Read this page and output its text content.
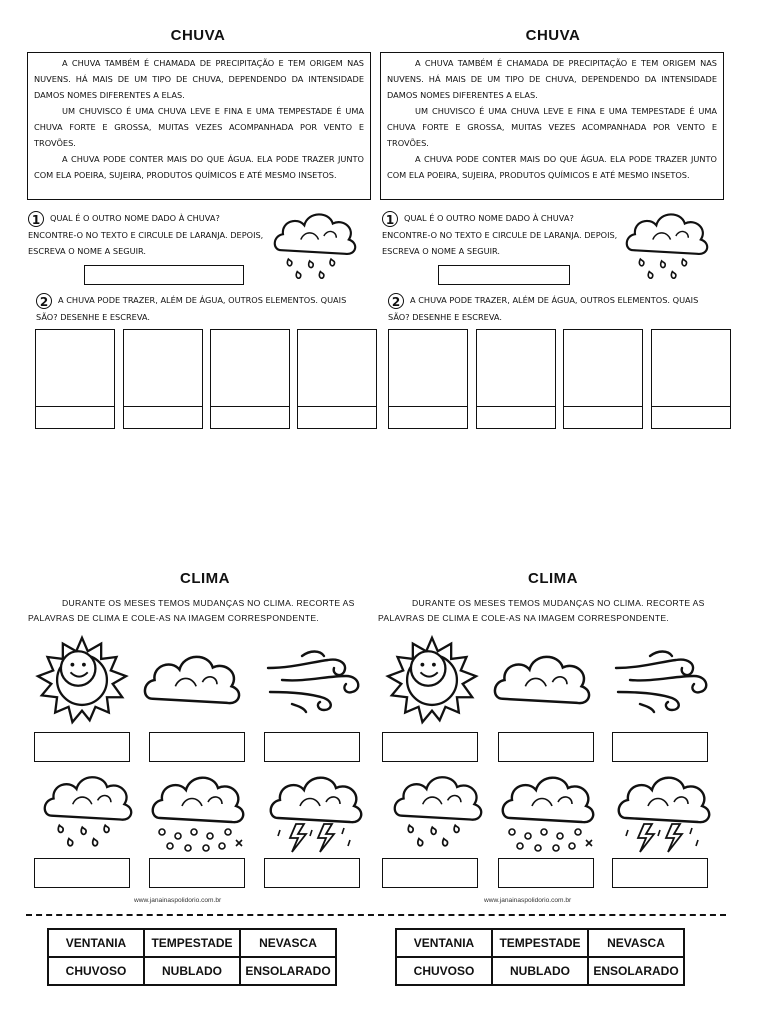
CHUVA

A CHUVA TAMBÉM É CHAMADA DE PRECIPITAÇÃO E TEM ORIGEM NAS NUVENS. HÁ MAIS DE UM TIPO DE CHUVA, DEPENDENDO DA INTENSIDADE DAMOS NOMES DIFERENTES A ELAS.

UM CHUVISCO É UMA CHUVA LEVE E FINA E UMA TEMPESTADE É UMA CHUVA FORTE E GROSSA, MUITAS VEZES ACOMPANHADA POR VENTO E TROVÕES.

A CHUVA PODE CONTER MAIS DO QUE ÁGUA. ELA PODE TRAZER JUNTO COM ELA POEIRA, SUJEIRA, PRODUTOS QUÍMICOS E ATÉ MESMO INSETOS.

1 QUAL É O OUTRO NOME DADO À CHUVA? ENCONTRE-O NO TEXTO E CIRCULE DE LARANJA. DEPOIS, ESCREVA O NOME A SEGUIR.
2 A CHUVA PODE TRAZER, ALÉM DE ÁGUA, OUTROS ELEMENTOS. QUAIS SÃO? DESENHE E ESCREVA.
CHUVA

A CHUVA TAMBÉM É CHAMADA DE PRECIPITAÇÃO E TEM ORIGEM NAS NUVENS. HÁ MAIS DE UM TIPO DE CHUVA, DEPENDENDO DA INTENSIDADE DAMOS NOMES DIFERENTES A ELAS.

UM CHUVISCO É UMA CHUVA LEVE E FINA E UMA TEMPESTADE É UMA CHUVA FORTE E GROSSA, MUITAS VEZES ACOMPANHADA POR VENTO E TROVÕES.

A CHUVA PODE CONTER MAIS DO QUE ÁGUA. ELA PODE TRAZER JUNTO COM ELA POEIRA, SUJEIRA, PRODUTOS QUÍMICOS E ATÉ MESMO INSETOS.

1 QUAL É O OUTRO NOME DADO À CHUVA? ENCONTRE-O NO TEXTO E CIRCULE DE LARANJA. DEPOIS, ESCREVA O NOME A SEGUIR.
2 A CHUVA PODE TRAZER, ALÉM DE ÁGUA, OUTROS ELEMENTOS. QUAIS SÃO? DESENHE E ESCREVA.
CLIMA

DURANTE OS MESES TEMOS MUDANÇAS NO CLIMA. RECORTE AS PALAVRAS DE CLIMA E COLE-AS NA IMAGEM CORRESPONDENTE.

www.janainaspolidorio.com.br
CLIMA

DURANTE OS MESES TEMOS MUDANÇAS NO CLIMA. RECORTE AS PALAVRAS DE CLIMA E COLE-AS NA IMAGEM CORRESPONDENTE.

www.janainaspolidorio.com.br
VENTANIA	TEMPESTADE	NEVASCA
CHUVOSO	NUBLADO	ENSOLARADO
VENTANIA	TEMPESTADE	NEVASCA
CHUVOSO	NUBLADO	ENSOLARADO
